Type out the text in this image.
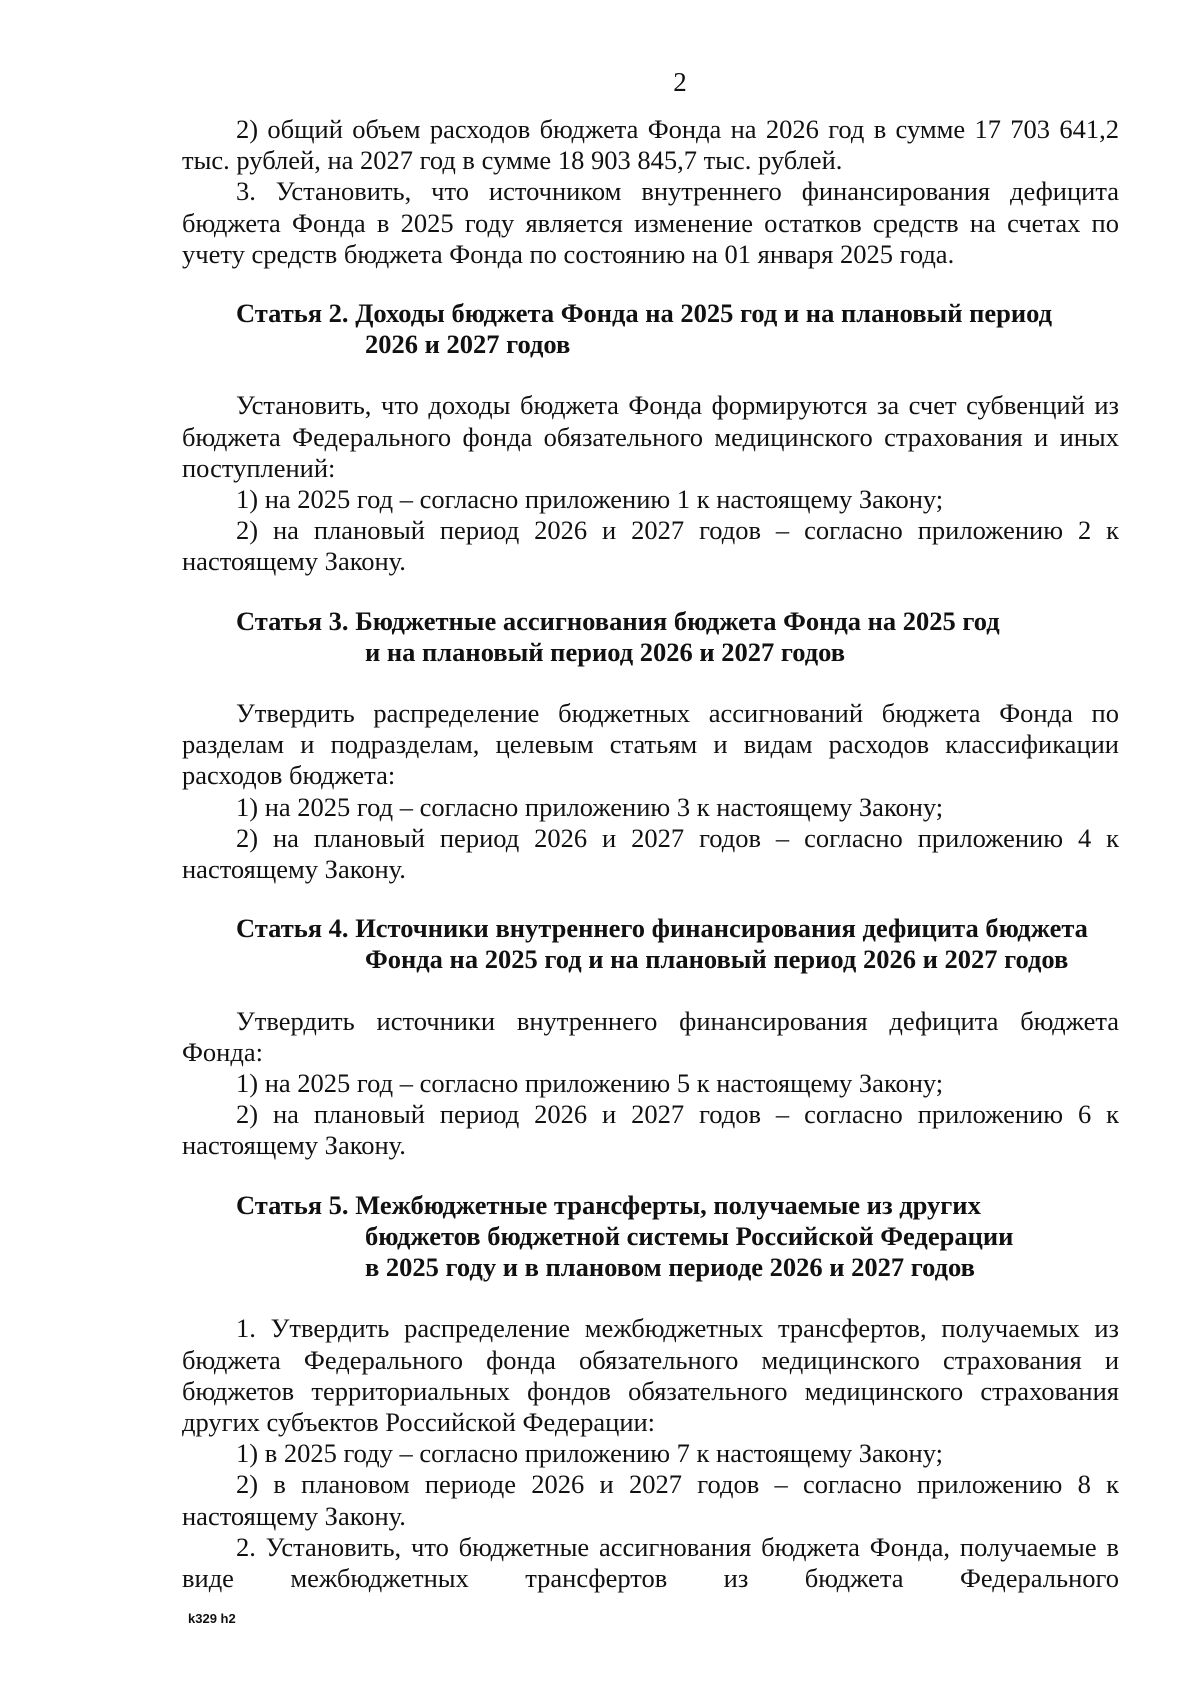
2

2) общий объем расходов бюджета Фонда на 2026 год в сумме 17 703 641,2 тыс. рублей, на 2027 год в сумме 18 903 845,7 тыс. рублей.

3. Установить, что источником внутреннего финансирования дефицита бюджета Фонда в 2025 году является изменение остатков средств на счетах по учету средств бюджета Фонда по состоянию на 01 января 2025 года.

Статья 2. Доходы бюджета Фонда на 2025 год и на плановый период
2026 и 2027 годов

Установить, что доходы бюджета Фонда формируются за счет субвенций из бюджета Федерального фонда обязательного медицинского страхования и иных поступлений:

1) на 2025 год – согласно приложению 1 к настоящему Закону;

2) на плановый период 2026 и 2027 годов – согласно приложению 2 к настоящему Закону.

Статья 3. Бюджетные ассигнования бюджета Фонда на 2025 год
и на плановый период 2026 и 2027 годов

Утвердить распределение бюджетных ассигнований бюджета Фонда по разделам и подразделам, целевым статьям и видам расходов классификации расходов бюджета:

1) на 2025 год – согласно приложению 3 к настоящему Закону;

2) на плановый период 2026 и 2027 годов – согласно приложению 4 к настоящему Закону.

Статья 4. Источники внутреннего финансирования дефицита бюджета
Фонда на 2025 год и на плановый период 2026 и 2027 годов

Утвердить источники внутреннего финансирования дефицита бюджета Фонда:

1) на 2025 год – согласно приложению 5 к настоящему Закону;

2) на плановый период 2026 и 2027 годов – согласно приложению 6 к настоящему Закону.

Статья 5. Межбюджетные трансферты, получаемые из других
бюджетов бюджетной системы Российской Федерации
в 2025 году и в плановом периоде 2026 и 2027 годов

1. Утвердить распределение межбюджетных трансфертов, получаемых из бюджета Федерального фонда обязательного медицинского страхования и бюджетов территориальных фондов обязательного медицинского страхования других субъектов Российской Федерации:

1) в 2025 году – согласно приложению 7 к настоящему Закону;

2) в плановом периоде 2026 и 2027 годов – согласно приложению 8 к настоящему Закону.

2. Установить, что бюджетные ассигнования бюджета Фонда, получаемые в виде межбюджетных трансфертов из бюджета Федерального

k329 h2
